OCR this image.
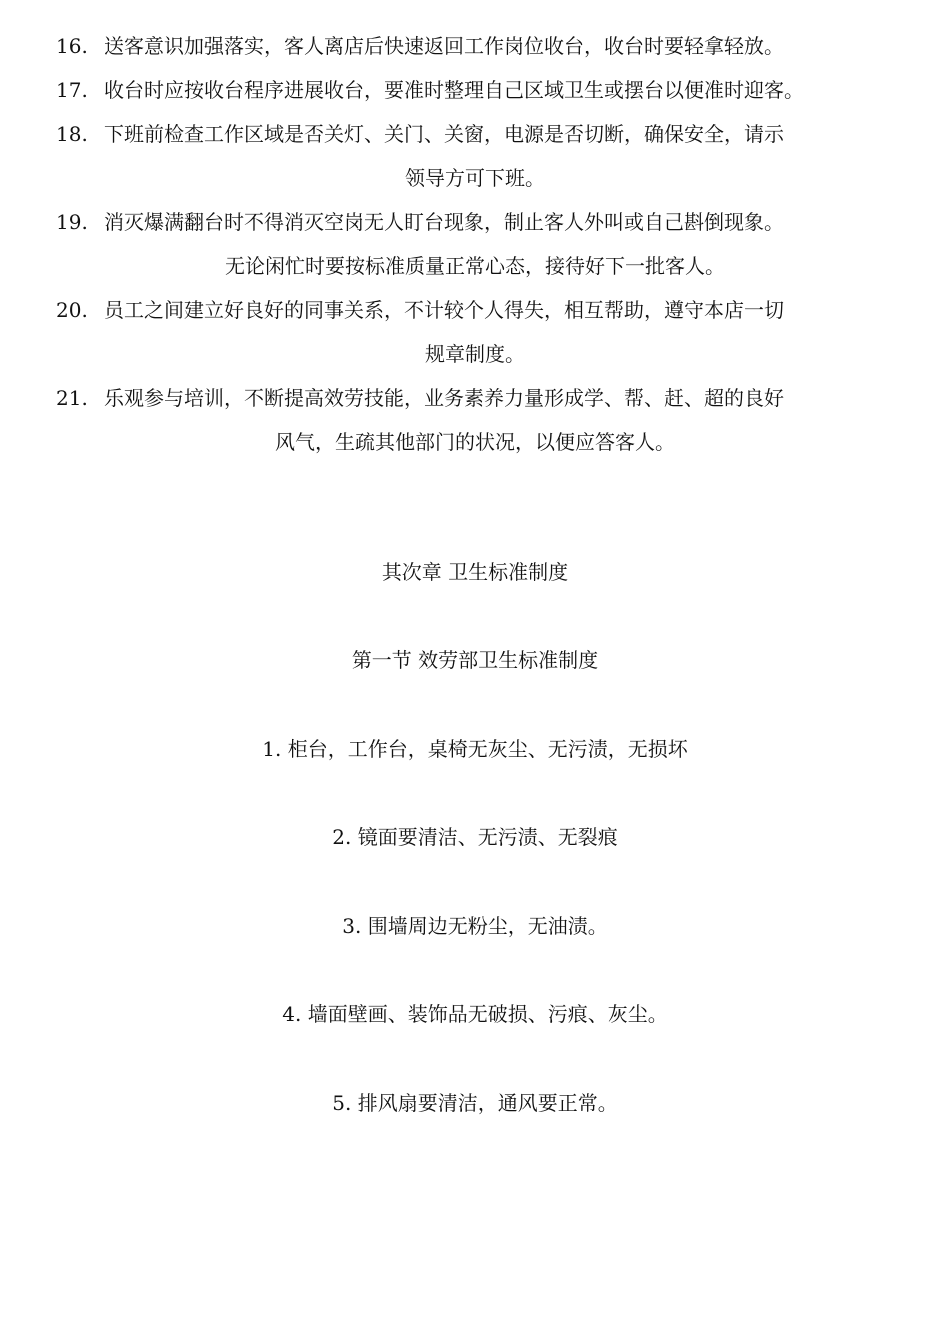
16. 送客意识加强落实，客人离店后快速返回工作岗位收台，收台时要轻拿轻放。
17. 收台时应按收台程序进展收台，要准时整理自己区域卫生或摆台以便准时迎客。
18. 下班前检查工作区域是否关灯、关门、关窗，电源是否切断，确保安全，请示
领导方可下班。
19. 消灭爆满翻台时不得消灭空岗无人盯台现象，制止客人外叫或自己斟倒现象。
无论闲忙时要按标准质量正常心态，接待好下一批客人。
20. 员工之间建立好良好的同事关系，不计较个人得失，相互帮助，遵守本店一切
规章制度。
21. 乐观参与培训，不断提高效劳技能，业务素养力量形成学、帮、赶、超的良好
风气，生疏其他部门的状况，以便应答客人。
其次章 卫生标准制度
第一节 效劳部卫生标准制度
1. 柜台，工作台，桌椅无灰尘、无污渍，无损坏
2. 镜面要清洁、无污渍、无裂痕
3. 围墙周边无粉尘，无油渍。
4. 墙面壁画、装饰品无破损、污痕、灰尘。
5. 排风扇要清洁，通风要正常。
